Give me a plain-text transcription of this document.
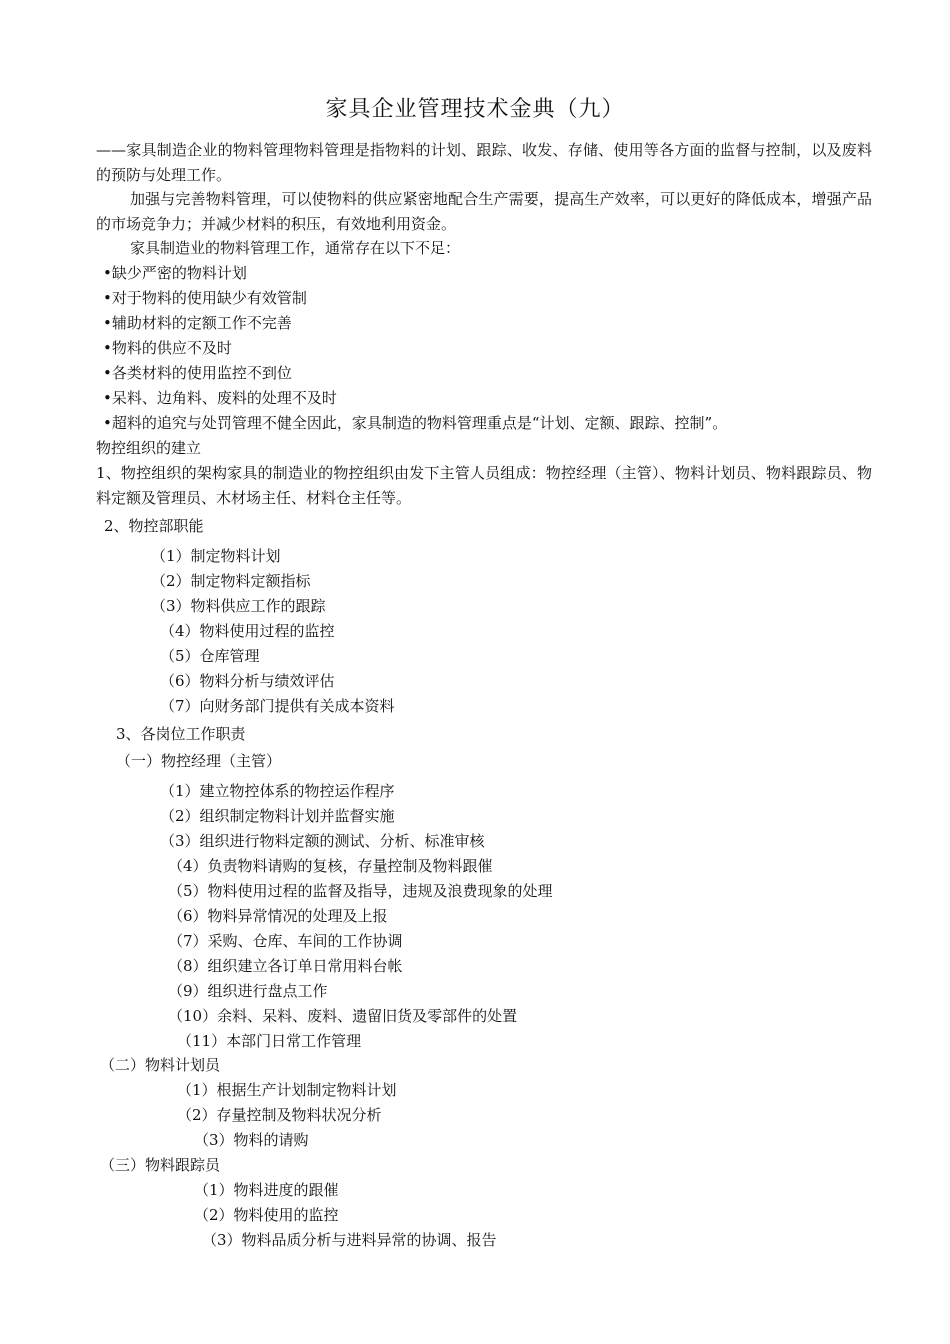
家具企业管理技术金典（九）

——家具制造企业的物料管理物料管理是指物料的计划、跟踪、收发、存储、使用等各方面的监督与控制，以及废料的预防与处理工作。

加强与完善物料管理，可以使物料的供应紧密地配合生产需要，提高生产效率，可以更好的降低成本，增强产品的市场竞争力；并减少材料的积压，有效地利用资金。

家具制造业的物料管理工作，通常存在以下不足：

•缺少严密的物料计划

•对于物料的使用缺少有效管制

•辅助材料的定额工作不完善

•物料的供应不及时

•各类材料的使用监控不到位

•呆料、边角料、废料的处理不及时

•超料的追究与处罚管理不健全因此，家具制造的物料管理重点是“计划、定额、跟踪、控制”。

物控组织的建立

1、物控组织的架构家具的制造业的物控组织由发下主管人员组成：物控经理（主管）、物料计划员、物料跟踪员、物料定额及管理员、木材场主任、材料仓主任等。

2、物控部职能

（1）制定物料计划

（2）制定物料定额指标

（3）物料供应工作的跟踪

（4）物料使用过程的监控

（5）仓库管理

（6）物料分析与绩效评估

（7）向财务部门提供有关成本资料

3、各岗位工作职责

（一）物控经理（主管）

（1）建立物控体系的物控运作程序

（2）组织制定物料计划并监督实施

（3）组织进行物料定额的测试、分析、标准审核

（4）负责物料请购的复核，存量控制及物料跟催

（5）物料使用过程的监督及指导，违规及浪费现象的处理

（6）物料异常情况的处理及上报

（7）采购、仓库、车间的工作协调

（8）组织建立各订单日常用料台帐

（9）组织进行盘点工作

（10）余料、呆料、废料、遗留旧货及零部件的处置

（11）本部门日常工作管理

（二）物料计划员

（1）根据生产计划制定物料计划

（2）存量控制及物料状况分析

（3）物料的请购

（三）物料跟踪员

（1）物料进度的跟催

（2）物料使用的监控

（3）物料品质分析与进料异常的协调、报告
